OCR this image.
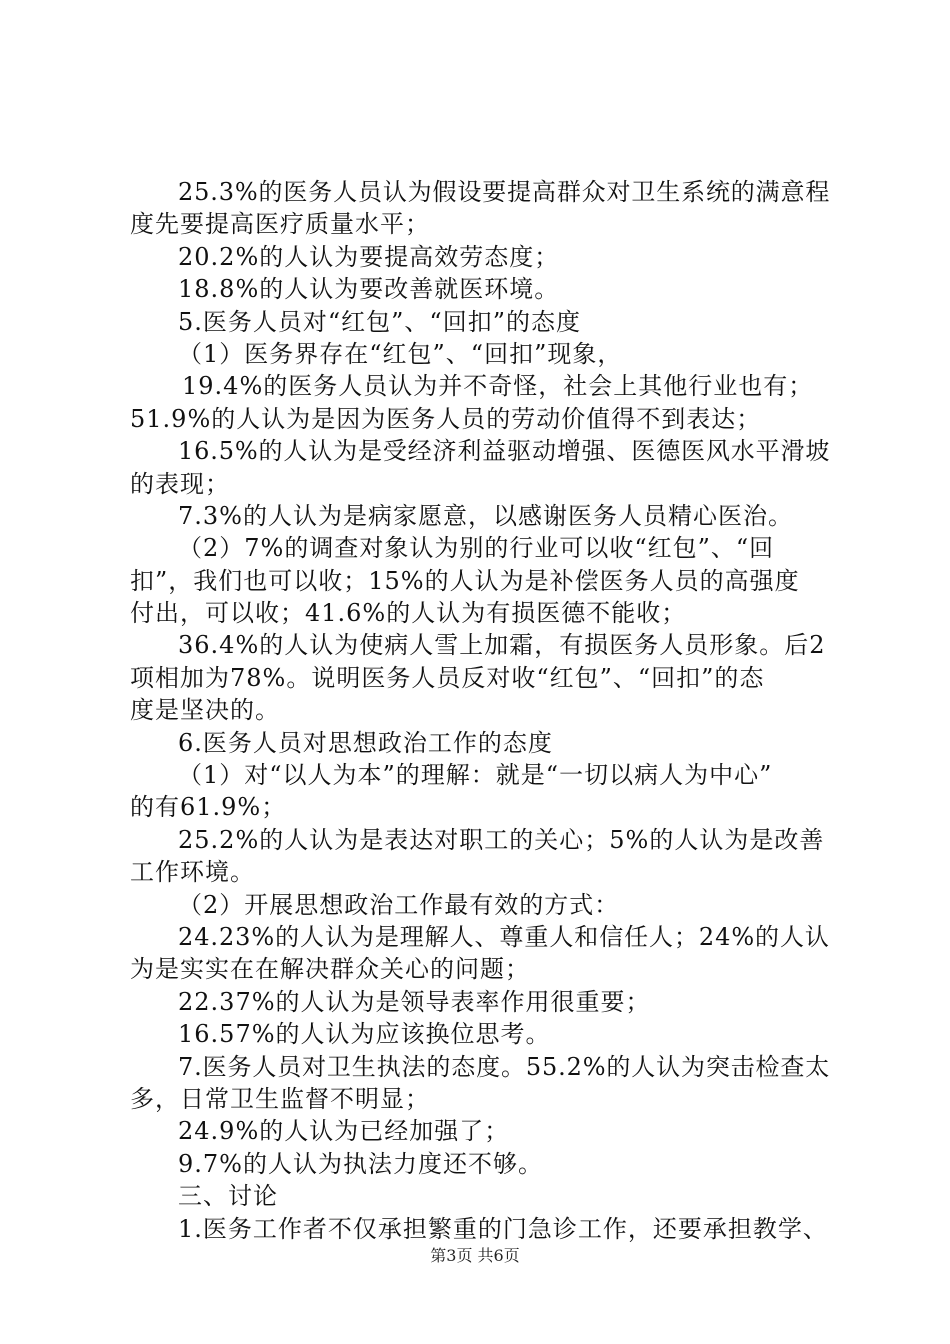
25.3%的医务人员认为假设要提高群众对卫生系统的满意程
度先要提高医疗质量水平；
20.2%的人认为要提高效劳态度；
18.8%的人认为要改善就医环境。
5.医务人员对“红包”、“回扣”的态度
（1）医务界存在“红包”、“回扣”现象，
19.4%的医务人员认为并不奇怪，社会上其他行业也有；
51.9%的人认为是因为医务人员的劳动价值得不到表达；
16.5%的人认为是受经济利益驱动增强、医德医风水平滑坡
的表现；
7.3%的人认为是病家愿意，以感谢医务人员精心医治。
（2）7%的调查对象认为别的行业可以收“红包”、“回
扣”，我们也可以收；15%的人认为是补偿医务人员的高强度
付出，可以收；41.6%的人认为有损医德不能收；
36.4%的人认为使病人雪上加霜，有损医务人员形象。后2
项相加为78%。说明医务人员反对收“红包”、“回扣”的态
度是坚决的。
6.医务人员对思想政治工作的态度
（1）对“以人为本”的理解：就是“一切以病人为中心”
的有61.9%；
25.2%的人认为是表达对职工的关心；5%的人认为是改善
工作环境。
（2）开展思想政治工作最有效的方式：
24.23%的人认为是理解人、尊重人和信任人；24%的人认
为是实实在在解决群众关心的问题；
22.37%的人认为是领导表率作用很重要；
16.57%的人认为应该换位思考。
7.医务人员对卫生执法的态度。55.2%的人认为突击检查太
多，日常卫生监督不明显；
24.9%的人认为已经加强了；
9.7%的人认为执法力度还不够。
三、讨论
1.医务工作者不仅承担繁重的门急诊工作，还要承担教学、
第3页 共6页
